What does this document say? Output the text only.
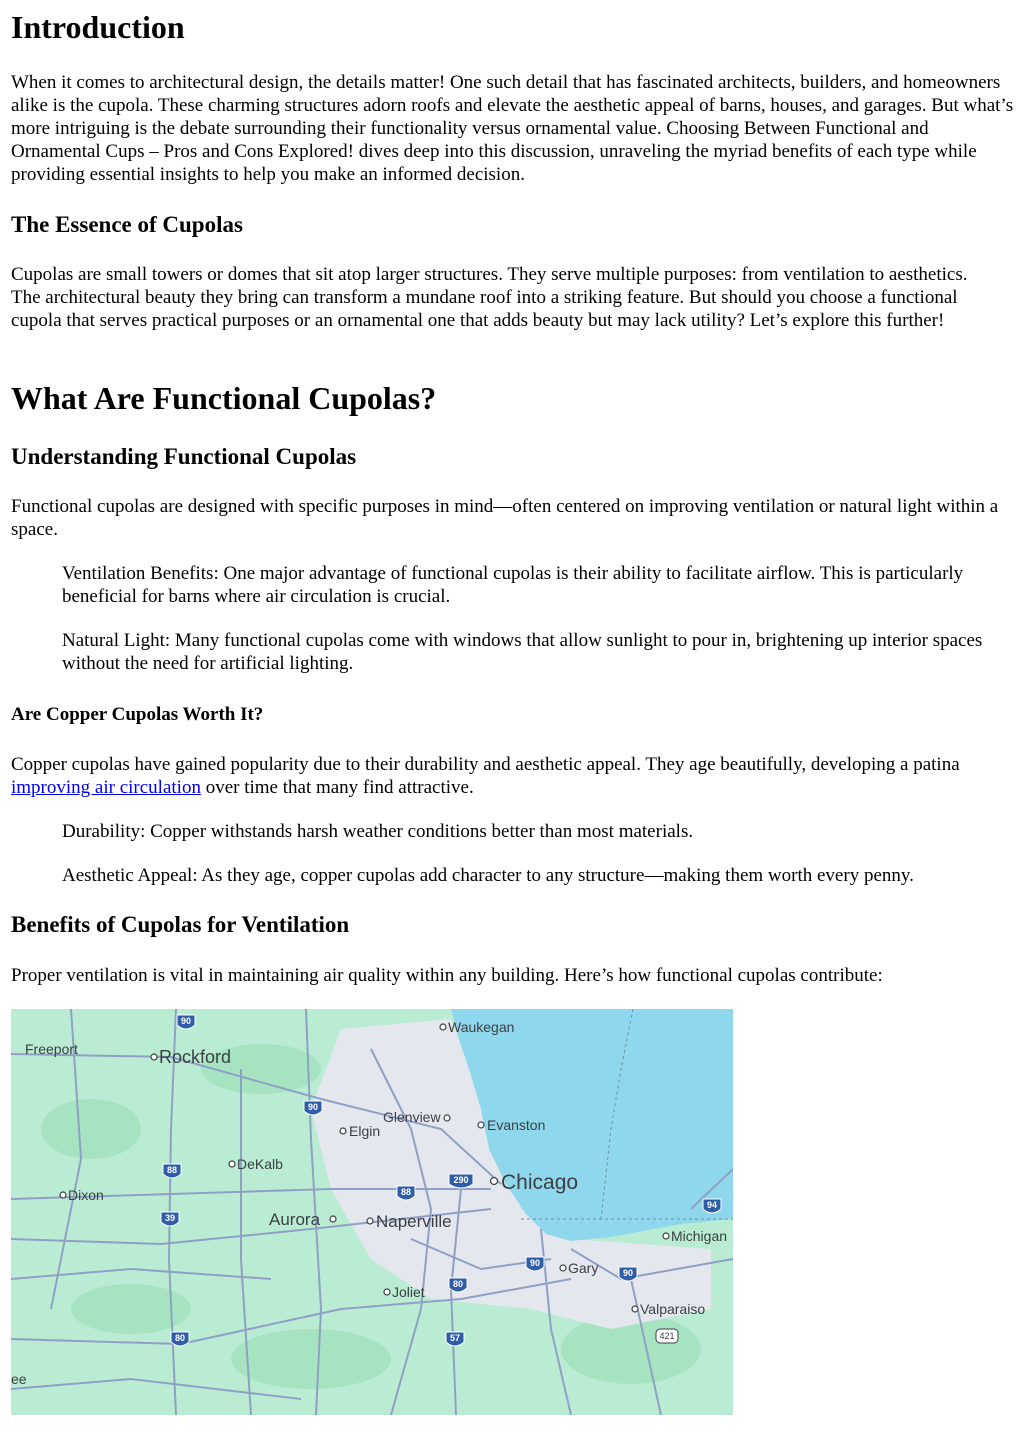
Introduction

When it comes to architectural design, the details matter! One such detail that has fascinated architects, builders, and homeowners alike is the cupola. These charming structures adorn roofs and elevate the aesthetic appeal of barns, houses, and garages. But what’s more intriguing is the debate surrounding their functionality versus ornamental value. Choosing Between Functional and Ornamental Cups – Pros and Cons Explored! dives deep into this discussion, unraveling the myriad benefits of each type while providing essential insights to help you make an informed decision.

The Essence of Cupolas

Cupolas are small towers or domes that sit atop larger structures. They serve multiple purposes: from ventilation to aesthetics. The architectural beauty they bring can transform a mundane roof into a striking feature. But should you choose a functional cupola that serves practical purposes or an ornamental one that adds beauty but may lack utility? Let’s explore this further!

What Are Functional Cupolas?
Understanding Functional Cupolas

Functional cupolas are designed with specific purposes in mind—often centered on improving ventilation or natural light within a space.

Ventilation Benefits: One major advantage of functional cupolas is their ability to facilitate airflow. This is particularly beneficial for barns where air circulation is crucial.

Natural Light: Many functional cupolas come with windows that allow sunlight to pour in, brightening up interior spaces without the need for artificial lighting.

Are Copper Cupolas Worth It?

Copper cupolas have gained popularity due to their durability and aesthetic appeal. They age beautifully, developing a patina improving air circulation over time that many find attractive.

Durability: Copper withstands harsh weather conditions better than most materials.

Aesthetic Appeal: As they age, copper cupolas add character to any structure—making them worth every penny.

Benefits of Cupolas for Ventilation

Proper ventilation is vital in maintaining air quality within any building. Here’s how functional cupolas contribute:

90
90
88
290
88
94
39
90
90
80
80	57	421
Waukegan
Freeport	Rockford
Glenview	Evanston
Elgin
DeKalb
Chicago
Dixon
Aurora	Naperville
Michigan
Gary
Joliet
Valparaiso
ee
